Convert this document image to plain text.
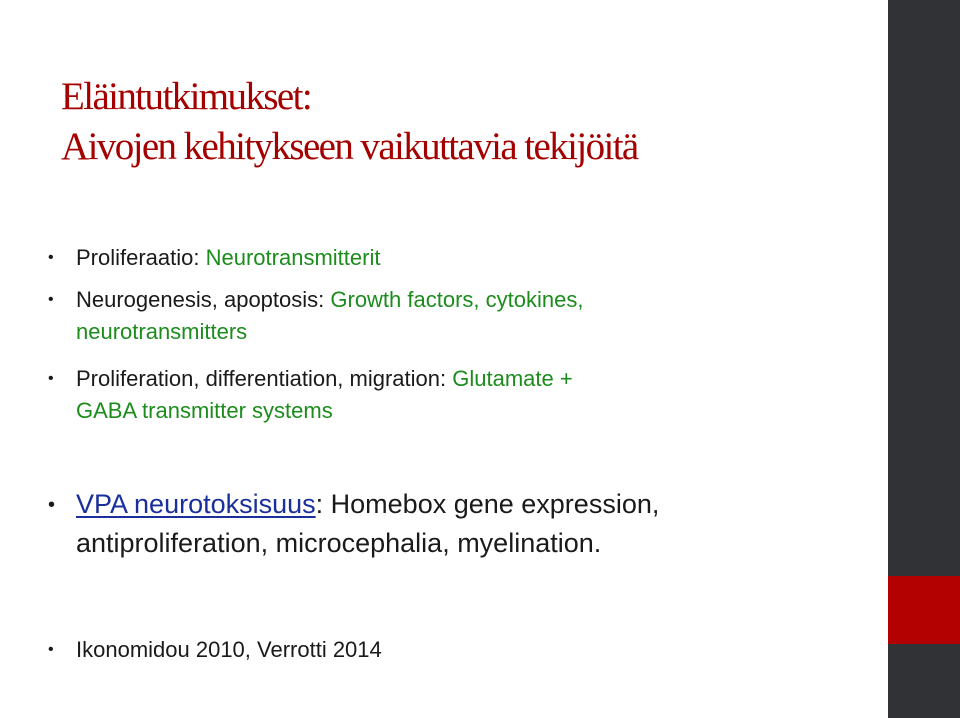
Eläintutkimukset:
Aivojen kehitykseen vaikuttavia tekijöitä
•	Proliferaatio: Neurotransmitterit
•	Neurogenesis, apoptosis: Growth factors, cytokines,
neurotransmitters
•	Proliferation, differentiation, migration: Glutamate +
GABA transmitter systems
• VPA neurotoksisuus: Homebox gene expression,
antiproliferation, microcephalia, myelination.
•	Ikonomidou 2010, Verrotti 2014
